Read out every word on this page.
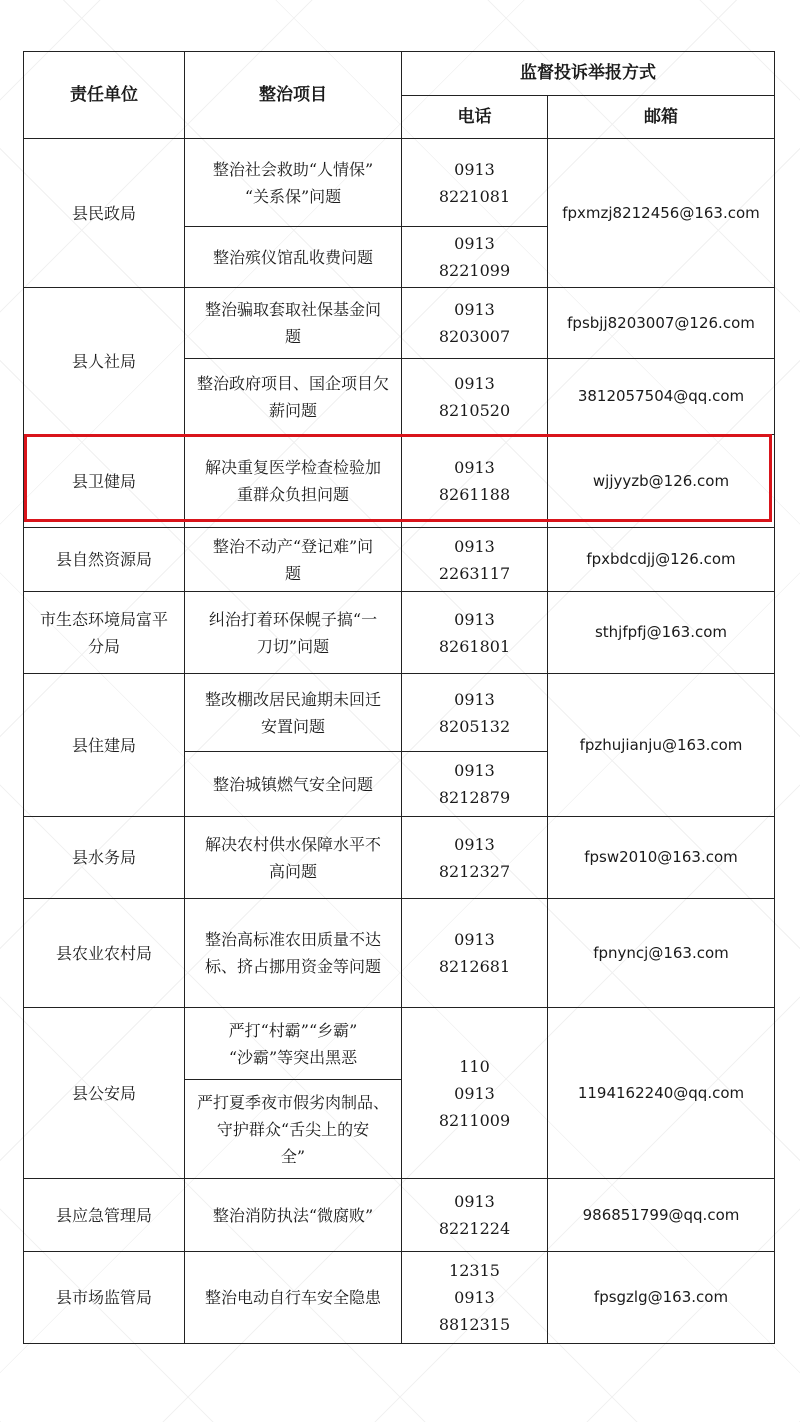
责任单位	整治项目	监督投诉举报方式	
		电话	邮箱

县民政局	整治社会救助“人情保”
“关系保”问题	0913
8221081	fpxmzj8212456@163.com

	整治殡仪馆乱收费问题	0913
8221099	

县人社局	整治骗取套取社保基金问
题	0913
8203007	fpsbjj8203007@126.com

	整治政府项目、国企项目欠
薪问题	0913
8210520	3812057504@qq.com

县卫健局	解决重复医学检查检验加
重群众负担问题	0913
8261188	wjjyyzb@126.com

县自然资源局	整治不动产“登记难”问
题	0913
2263117	fpxbdcdjj@126.com

市生态环境局富平
分局	纠治打着环保幌子搞“一
刀切”问题	0913
8261801	sthjfpfj@163.com

县住建局	整改棚改居民逾期未回迁
安置问题	0913
8205132	fpzhujianju@163.com

	整治城镇燃气安全问题	0913
8212879	

县水务局	解决农村供水保障水平不
高问题	0913
8212327	fpsw2010@163.com

县农业农村局	整治高标准农田质量不达
标、挤占挪用资金等问题	0913
8212681	fpnyncj@163.com

县公安局	严打“村霸”“乡霸”
“沙霸”等突出黑恶	110
0913
8211009	1194162240@qq.com

	严打夏季夜市假劣肉制品、
守护群众“舌尖上的安
全”		

县应急管理局	整治消防执法“微腐败”	0913
8221224	986851799@qq.com

县市场监管局	整治电动自行车安全隐患	12315
0913
8812315	fpsgzlg@163.com
